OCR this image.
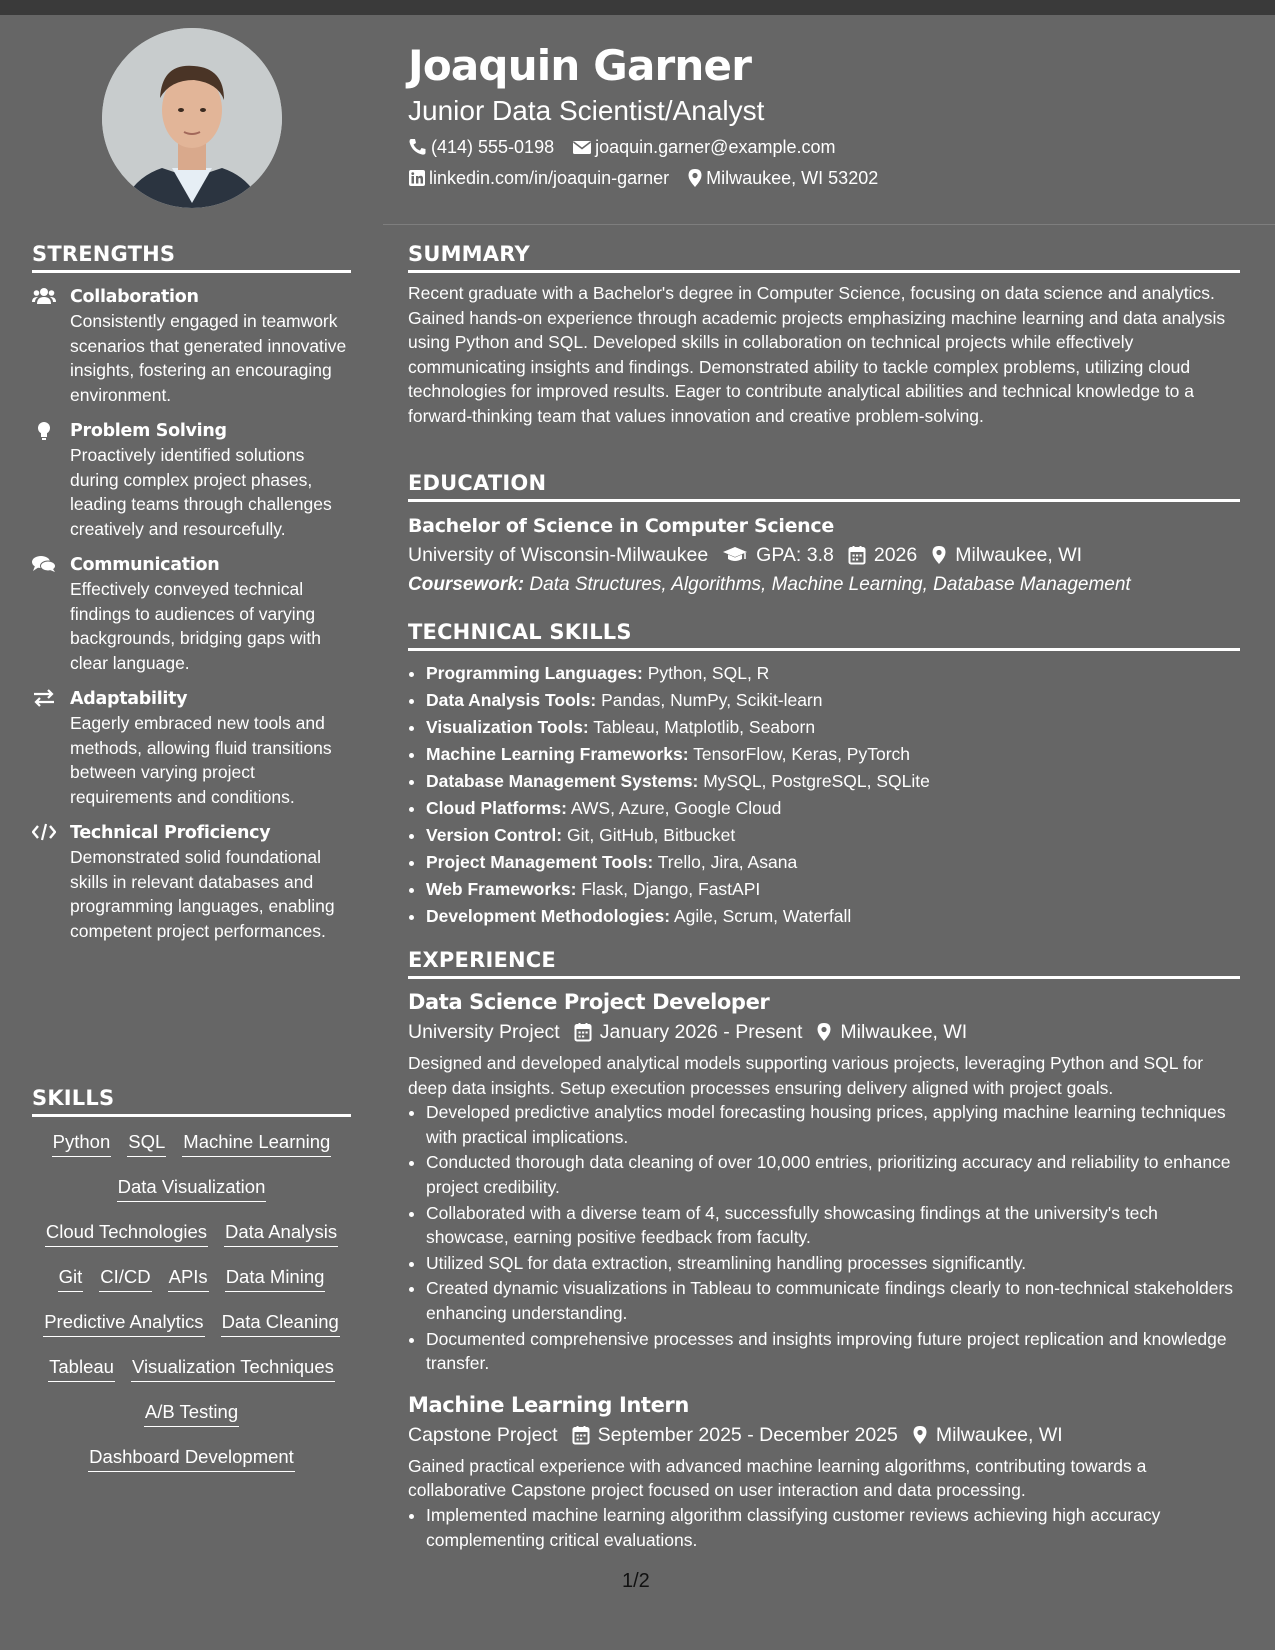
STRENGTHS
Collaboration
Consistently engaged in teamwork scenarios that generated innovative insights, fostering an encouraging environment.
Problem Solving
Proactively identified solutions during complex project phases, leading teams through challenges creatively and resourcefully.
Communication
Effectively conveyed technical findings to audiences of varying backgrounds, bridging gaps with clear language.
Adaptability
Eagerly embraced new tools and methods, allowing fluid transitions between varying project requirements and conditions.
Technical Proficiency
Demonstrated solid foundational skills in relevant databases and programming languages, enabling competent project performances.
SKILLS
Python SQL Machine Learning
Data Visualization
Cloud Technologies Data Analysis
Git CI/CD APIs Data Mining
Predictive Analytics Data Cleaning
Tableau Visualization Techniques
A/B Testing
Dashboard Development
Joaquin Garner
Junior Data Scientist/Analyst
(414) 555-0198 joaquin.garner@example.com
linkedin.com/in/joaquin-garner Milwaukee, WI 53202
SUMMARY
Recent graduate with a Bachelor's degree in Computer Science, focusing on data science and analytics. Gained hands-on experience through academic projects emphasizing machine learning and data analysis using Python and SQL. Developed skills in collaboration on technical projects while effectively communicating insights and findings. Demonstrated ability to tackle complex problems, utilizing cloud technologies for improved results. Eager to contribute analytical abilities and technical knowledge to a forward-thinking team that values innovation and creative problem-solving.
EDUCATION
Bachelor of Science in Computer Science
University of Wisconsin-Milwaukee GPA: 3.8 2026 Milwaukee, WI
Coursework: Data Structures, Algorithms, Machine Learning, Database Management
TECHNICAL SKILLS
• Programming Languages: Python, SQL, R
• Data Analysis Tools: Pandas, NumPy, Scikit-learn
• Visualization Tools: Tableau, Matplotlib, Seaborn
• Machine Learning Frameworks: TensorFlow, Keras, PyTorch
• Database Management Systems: MySQL, PostgreSQL, SQLite
• Cloud Platforms: AWS, Azure, Google Cloud
• Version Control: Git, GitHub, Bitbucket
• Project Management Tools: Trello, Jira, Asana
• Web Frameworks: Flask, Django, FastAPI
• Development Methodologies: Agile, Scrum, Waterfall
EXPERIENCE
Data Science Project Developer
University Project January 2026 - Present Milwaukee, WI
Designed and developed analytical models supporting various projects, leveraging Python and SQL for deep data insights. Setup execution processes ensuring delivery aligned with project goals.
• Developed predictive analytics model forecasting housing prices, applying machine learning techniques with practical implications.
• Conducted thorough data cleaning of over 10,000 entries, prioritizing accuracy and reliability to enhance project credibility.
• Collaborated with a diverse team of 4, successfully showcasing findings at the university's tech showcase, earning positive feedback from faculty.
• Utilized SQL for data extraction, streamlining handling processes significantly.
• Created dynamic visualizations in Tableau to communicate findings clearly to non-technical stakeholders enhancing understanding.
• Documented comprehensive processes and insights improving future project replication and knowledge transfer.
Machine Learning Intern
Capstone Project September 2025 - December 2025 Milwaukee, WI
Gained practical experience with advanced machine learning algorithms, contributing towards a collaborative Capstone project focused on user interaction and data processing.
• Implemented machine learning algorithm classifying customer reviews achieving high accuracy complementing critical evaluations.
1/2
